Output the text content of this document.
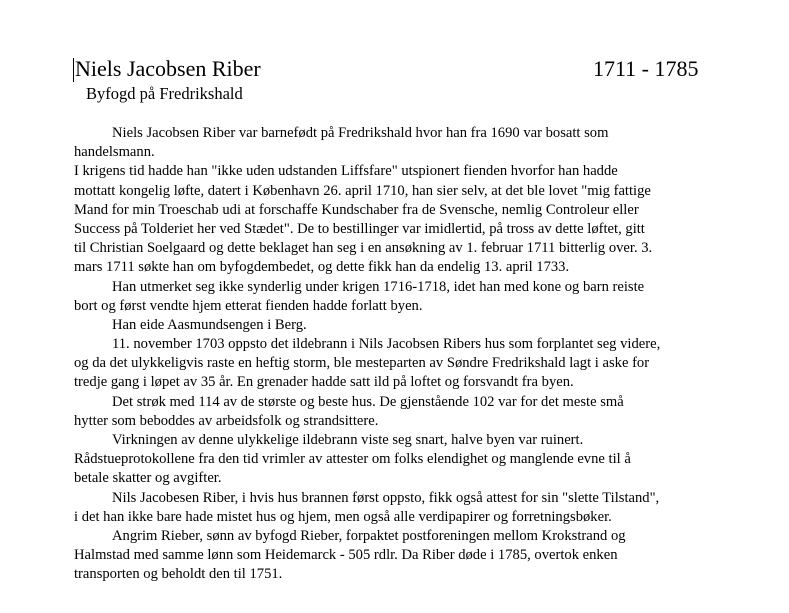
Niels Jacobsen Riber	1711 - 1785
Byfogd på Fredrikshald
Niels Jacobsen Riber var barnefødt på Fredrikshald hvor han fra 1690 var bosatt som
handelsmann.
I krigens tid hadde han "ikke uden udstanden Liffsfare" utspionert fienden hvorfor han hadde
mottatt kongelig løfte, datert i København 26. april 1710, han sier selv, at det ble lovet "mig fattige
Mand for min Troeschab udi at forschaffe Kundschaber fra de Svensche, nemlig Controleur eller
Success på Tolderiet her ved Stædet". De to bestillinger var imidlertid, på tross av dette løftet, gitt
til Christian Soelgaard og dette beklaget han seg i en ansøkning av 1. februar 1711 bitterlig over. 3.
mars 1711 søkte han om byfogdembedet, og dette fikk han da endelig 13. april 1733.
Han utmerket seg ikke synderlig under krigen 1716-1718, idet han med kone og barn reiste
bort og først vendte hjem etterat fienden hadde forlatt byen.
Han eide Aasmundsengen i Berg.
11. november 1703 oppsto det ildebrann i Nils Jacobsen Ribers hus som forplantet seg videre,
og da det ulykkeligvis raste en heftig storm, ble mesteparten av Søndre Fredrikshald lagt i aske for
tredje gang i løpet av 35 år. En grenader hadde satt ild på loftet og forsvandt fra byen.
Det strøk med 114 av de største og beste hus. De gjenstående 102 var for det meste små
hytter som beboddes av arbeidsfolk og strandsittere.
Virkningen av denne ulykkelige ildebrann viste seg snart, halve byen var ruinert.
Rådstueprotokollene fra den tid vrimler av attester om folks elendighet og manglende evne til å
betale skatter og avgifter.
Nils Jacobesen Riber, i hvis hus brannen først oppsto, fikk også attest for sin "slette Tilstand",
i det han ikke bare hade mistet hus og hjem, men også alle verdipapirer og forretningsbøker.
Angrim Rieber, sønn av byfogd Rieber, forpaktet postforeningen mellom Krokstrand og
Halmstad med samme lønn som Heidemarck - 505 rdlr. Da Riber døde i 1785, overtok enken
transporten og beholdt den til 1751.
